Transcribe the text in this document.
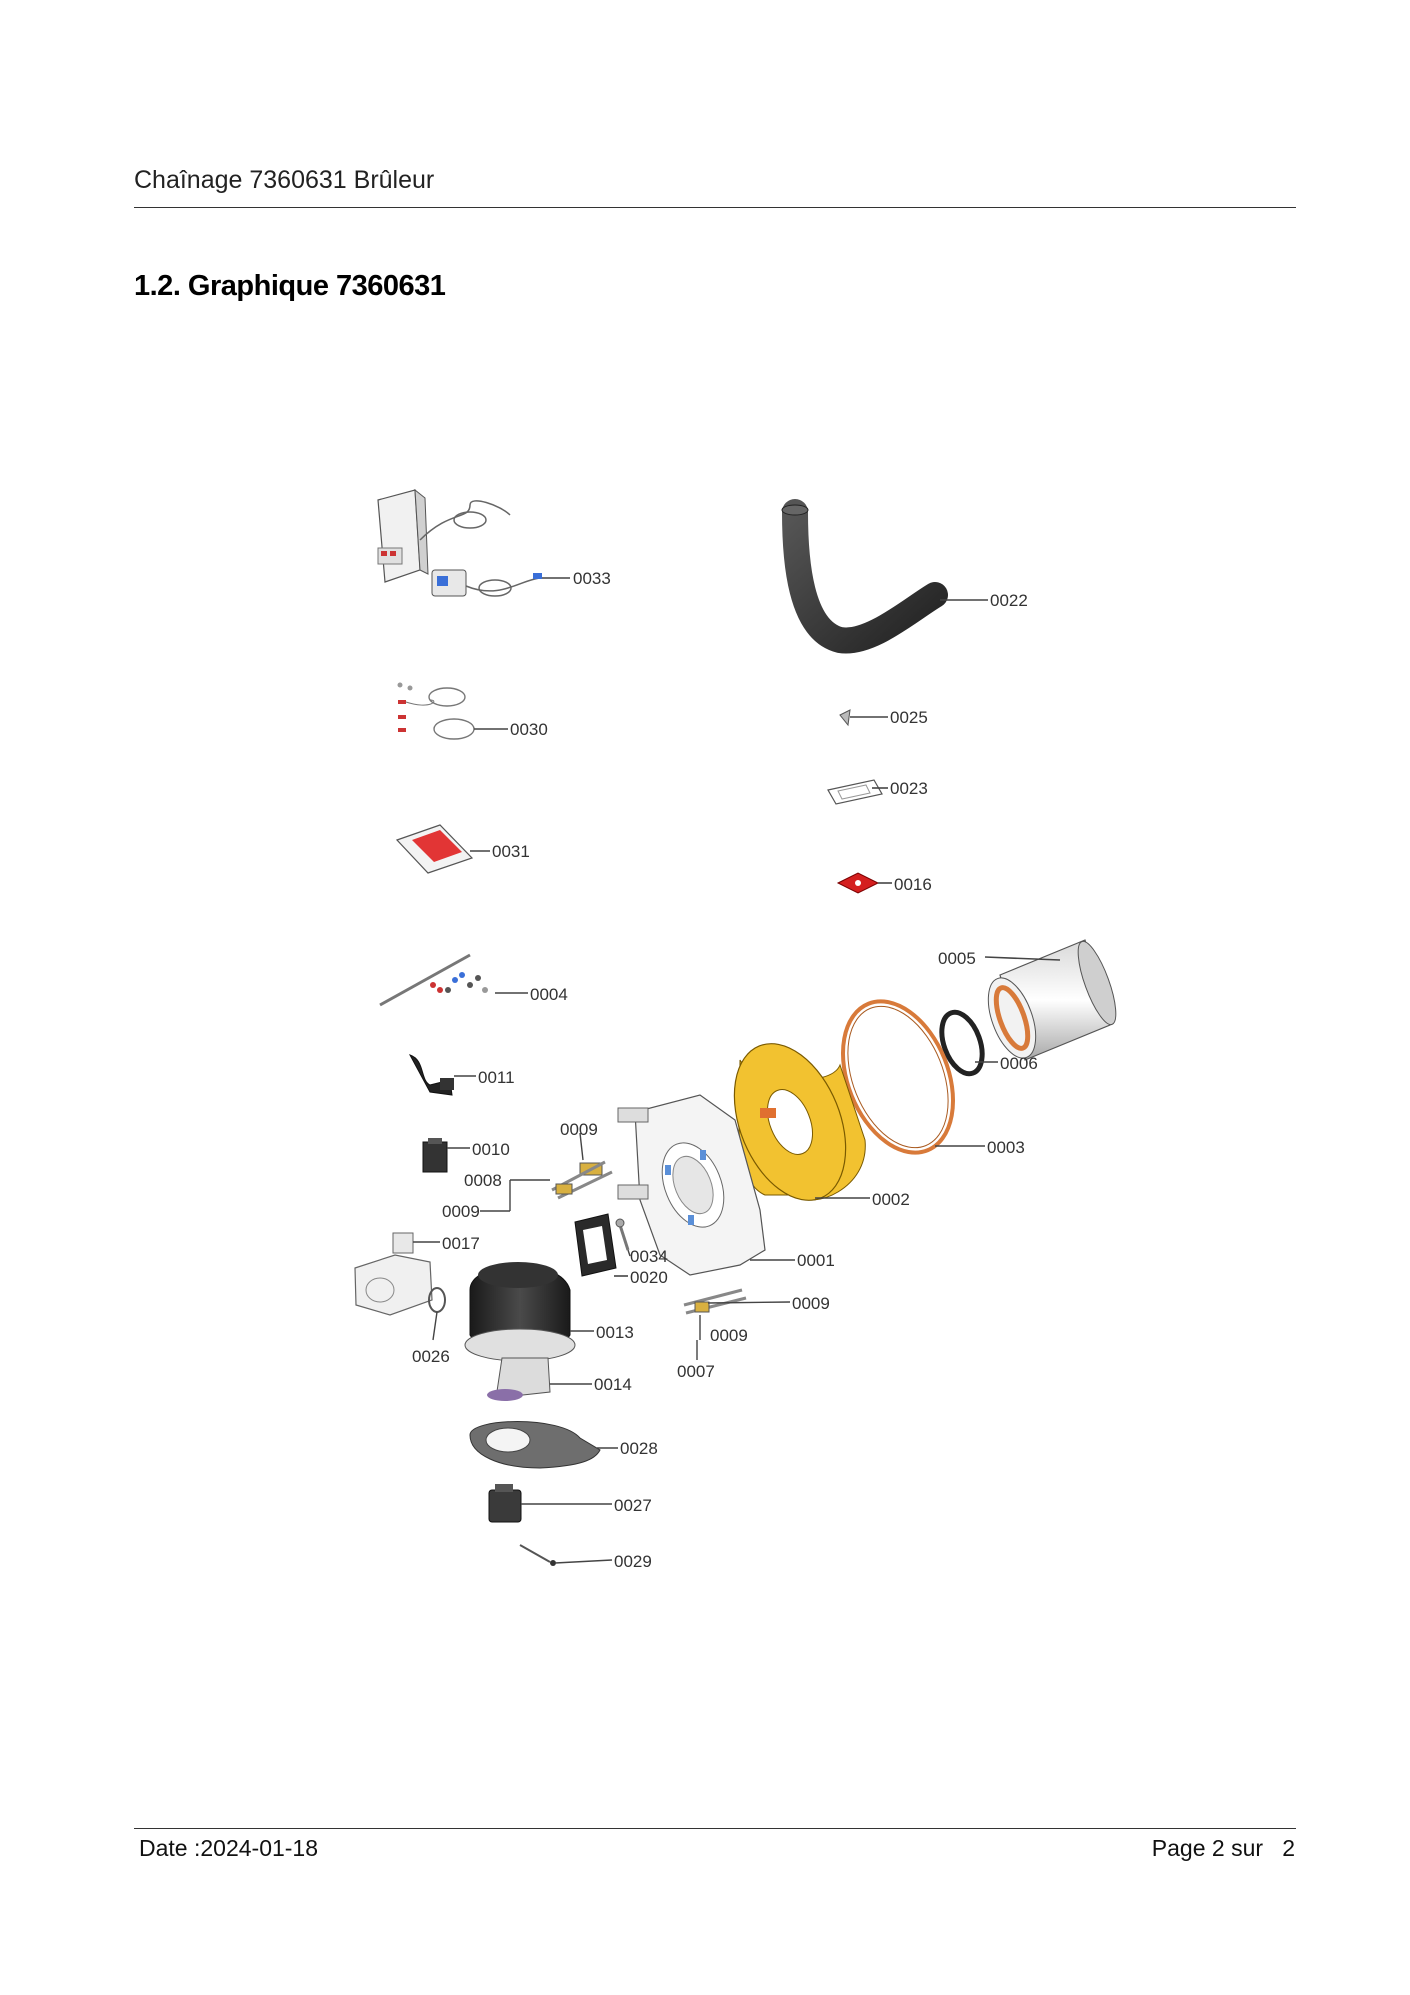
Chaînage 7360631 Brûleur
1.2. Graphique 7360631
0033
0022
0030
0025
0023
0031
0016
0005
0006
0003
0004
0011
0002
0001
0010
0009
0008
0009
0017
0026
0020
0034
0013
0014
0029
0028
0027
0009
0009
0007
Date :2024-01-18	Page 2 sur   2
